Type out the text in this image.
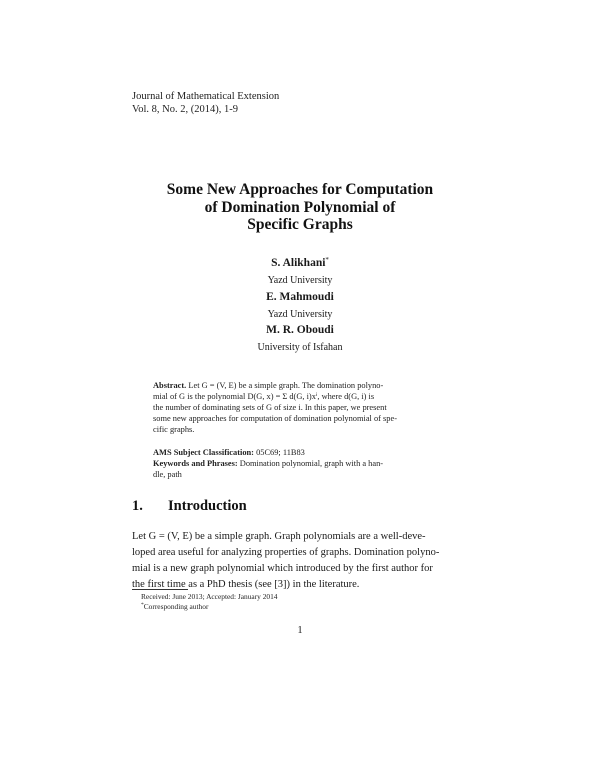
Journal of Mathematical Extension
Vol. 8, No. 2, (2014), 1-9
Some New Approaches for Computation
of Domination Polynomial of
Specific Graphs
S. Alikhani*
Yazd University
E. Mahmoudi
Yazd University
M. R. Oboudi
University of Isfahan
Abstract. Let G = (V, E) be a simple graph. The domination polyno-
mial of G is the polynomial D(G, x) = Σ d(G, i)xⁱ, where d(G, i) is
the number of dominating sets of G of size i. In this paper, we present
some new approaches for computation of domination polynomial of spe-
cific graphs.
AMS Subject Classification: 05C69; 11B83
Keywords and Phrases: Domination polynomial, graph with a han-
dle, path
1. Introduction
Let G = (V, E) be a simple graph. Graph polynomials are a well-deve-
loped area useful for analyzing properties of graphs. Domination polyno-
mial is a new graph polynomial which introduced by the first author for
the first time as a PhD thesis (see [3]) in the literature.
Received: June 2013; Accepted: January 2014
*Corresponding author
1
